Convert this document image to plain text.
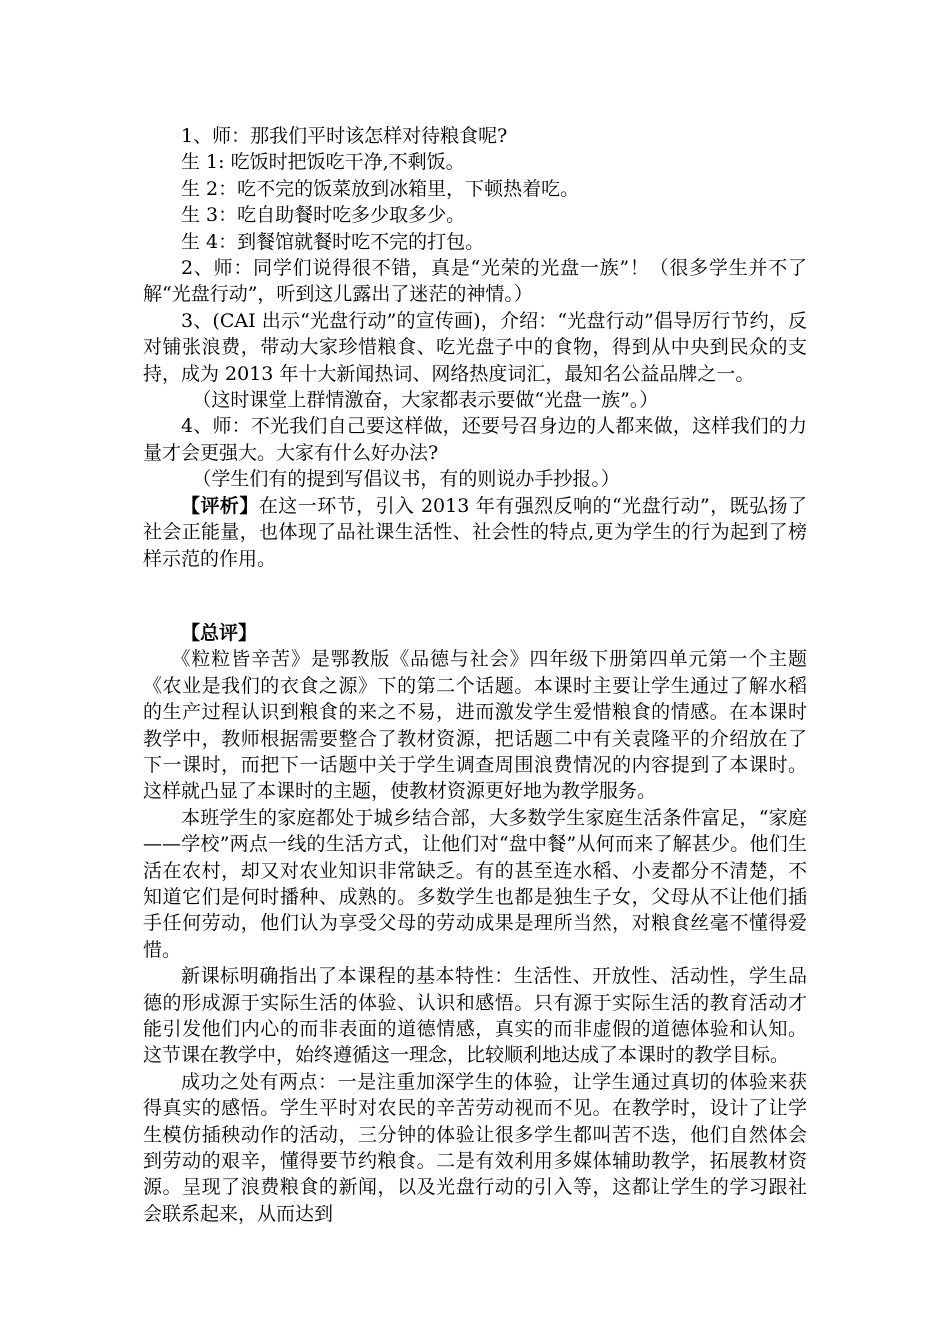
1、师：那我们平时该怎样对待粮食呢?

生 1: 吃饭时把饭吃干净,不剩饭。

生 2：吃不完的饭菜放到冰箱里，下顿热着吃。

生 3：吃自助餐时吃多少取多少。

生 4：到餐馆就餐时吃不完的打包。

2、师：同学们说得很不错，真是“光荣的光盘一族”！（很多学生并不了解“光盘行动”，听到这儿露出了迷茫的神情。）

3、(CAI 出示“光盘行动”的宣传画)，介绍：“光盘行动”倡导厉行节约，反对铺张浪费，带动大家珍惜粮食、吃光盘子中的食物，得到从中央到民众的支持，成为 2013 年十大新闻热词、网络热度词汇，最知名公益品牌之一。

（这时课堂上群情激奋，大家都表示要做“光盘一族”。）

4、师：不光我们自己要这样做，还要号召身边的人都来做，这样我们的力量才会更强大。大家有什么好办法?

（学生们有的提到写倡议书，有的则说办手抄报。）

【评析】在这一环节，引入 2013 年有强烈反响的“光盘行动”，既弘扬了社会正能量，也体现了品社课生活性、社会性的特点,更为学生的行为起到了榜样示范的作用。

【总评】

《粒粒皆辛苦》是鄂教版《品德与社会》四年级下册第四单元第一个主题《农业是我们的衣食之源》下的第二个话题。本课时主要让学生通过了解水稻的生产过程认识到粮食的来之不易，进而激发学生爱惜粮食的情感。在本课时教学中，教师根据需要整合了教材资源，把话题二中有关袁隆平的介绍放在了下一课时，而把下一话题中关于学生调查周围浪费情况的内容提到了本课时。这样就凸显了本课时的主题，使教材资源更好地为教学服务。

本班学生的家庭都处于城乡结合部，大多数学生家庭生活条件富足，“家庭——学校”两点一线的生活方式，让他们对“盘中餐”从何而来了解甚少。他们生活在农村，却又对农业知识非常缺乏。有的甚至连水稻、小麦都分不清楚，不知道它们是何时播种、成熟的。多数学生也都是独生子女，父母从不让他们插手任何劳动，他们认为享受父母的劳动成果是理所当然，对粮食丝毫不懂得爱惜。

新课标明确指出了本课程的基本特性：生活性、开放性、活动性，学生品德的形成源于实际生活的体验、认识和感悟。只有源于实际生活的教育活动才能引发他们内心的而非表面的道德情感，真实的而非虚假的道德体验和认知。这节课在教学中，始终遵循这一理念，比较顺利地达成了本课时的教学目标。

成功之处有两点：一是注重加深学生的体验，让学生通过真切的体验来获得真实的感悟。学生平时对农民的辛苦劳动视而不见。在教学时，设计了让学生模仿插秧动作的活动，三分钟的体验让很多学生都叫苦不迭，他们自然体会到劳动的艰辛，懂得要节约粮食。二是有效利用多媒体辅助教学，拓展教材资源。呈现了浪费粮食的新闻，以及光盘行动的引入等，这都让学生的学习跟社会联系起来，从而达到
